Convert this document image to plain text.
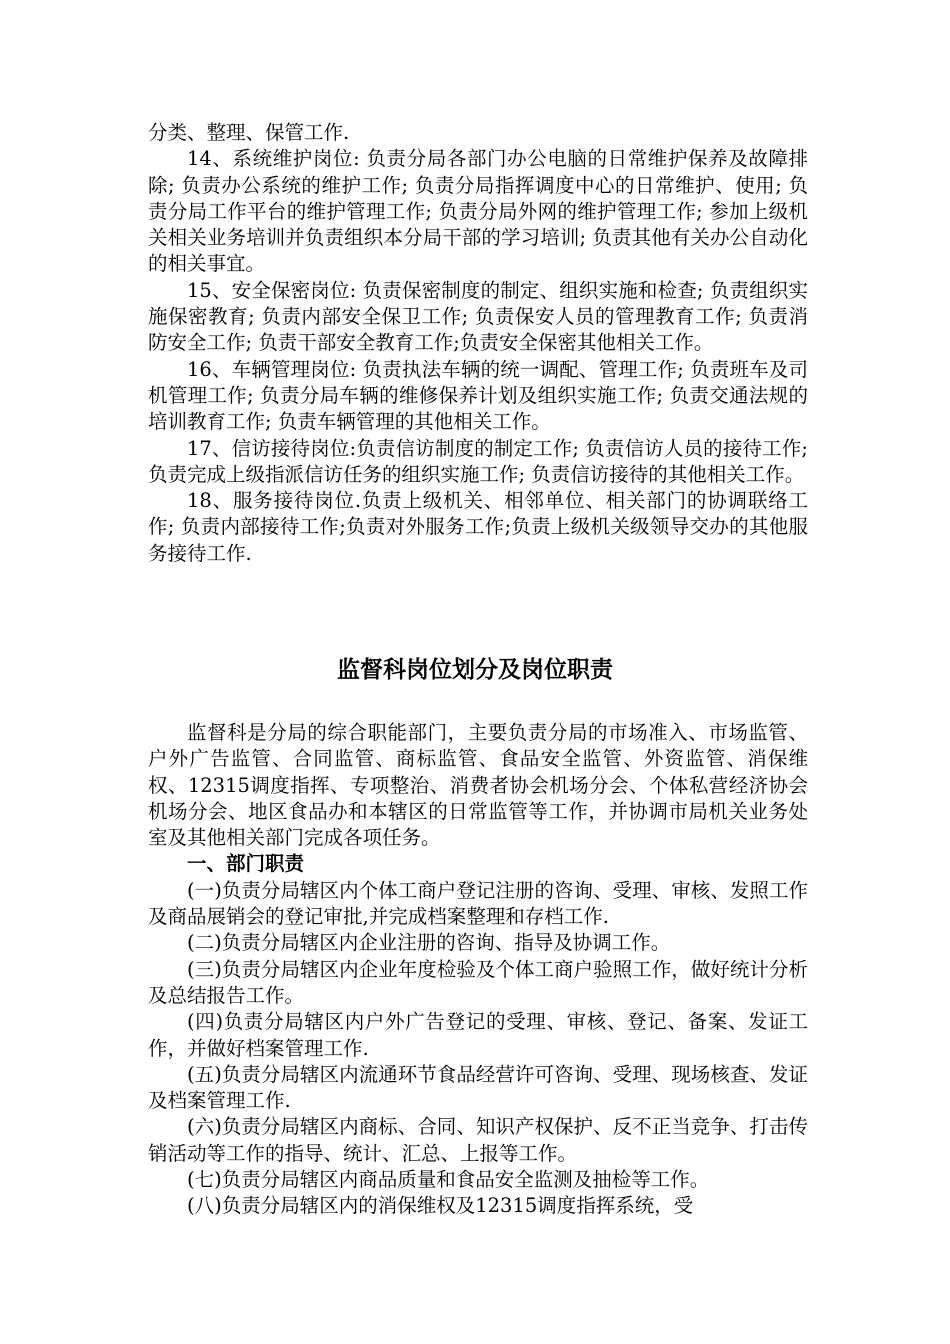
分类、整理、保管工作.

14、系统维护岗位: 负责分局各部门办公电脑的日常维护保养及故障排除; 负责办公系统的维护工作; 负责分局指挥调度中心的日常维护、使用; 负责分局工作平台的维护管理工作; 负责分局外网的维护管理工作; 参加上级机关相关业务培训并负责组织本分局干部的学习培训; 负责其他有关办公自动化的相关事宜。

15、安全保密岗位: 负责保密制度的制定、组织实施和检查; 负责组织实施保密教育; 负责内部安全保卫工作; 负责保安人员的管理教育工作; 负责消防安全工作; 负责干部安全教育工作;负责安全保密其他相关工作。

16、车辆管理岗位: 负责执法车辆的统一调配、管理工作; 负责班车及司机管理工作; 负责分局车辆的维修保养计划及组织实施工作; 负责交通法规的培训教育工作; 负责车辆管理的其他相关工作。

17、信访接待岗位:负责信访制度的制定工作; 负责信访人员的接待工作; 负责完成上级指派信访任务的组织实施工作; 负责信访接待的其他相关工作。

18、服务接待岗位.负责上级机关、相邻单位、相关部门的协调联络工作; 负责内部接待工作;负责对外服务工作;负责上级机关级领导交办的其他服务接待工作.

监督科岗位划分及岗位职责

监督科是分局的综合职能部门，主要负责分局的市场准入、市场监管、户外广告监管、合同监管、商标监管、食品安全监管、外资监管、消保维权、12315调度指挥、专项整治、消费者协会机场分会、个体私营经济协会机场分会、地区食品办和本辖区的日常监管等工作，并协调市局机关业务处室及其他相关部门完成各项任务。

一、部门职责

(一)负责分局辖区内个体工商户登记注册的咨询、受理、审核、发照工作及商品展销会的登记审批,并完成档案整理和存档工作.

(二)负责分局辖区内企业注册的咨询、指导及协调工作。

(三)负责分局辖区内企业年度检验及个体工商户验照工作，做好统计分析及总结报告工作。

(四)负责分局辖区内户外广告登记的受理、审核、登记、备案、发证工作，并做好档案管理工作.

(五)负责分局辖区内流通环节食品经营许可咨询、受理、现场核查、发证及档案管理工作.

(六)负责分局辖区内商标、合同、知识产权保护、反不正当竞争、打击传销活动等工作的指导、统计、汇总、上报等工作。

(七)负责分局辖区内商品质量和食品安全监测及抽检等工作。

(八)负责分局辖区内的消保维权及12315调度指挥系统，受
